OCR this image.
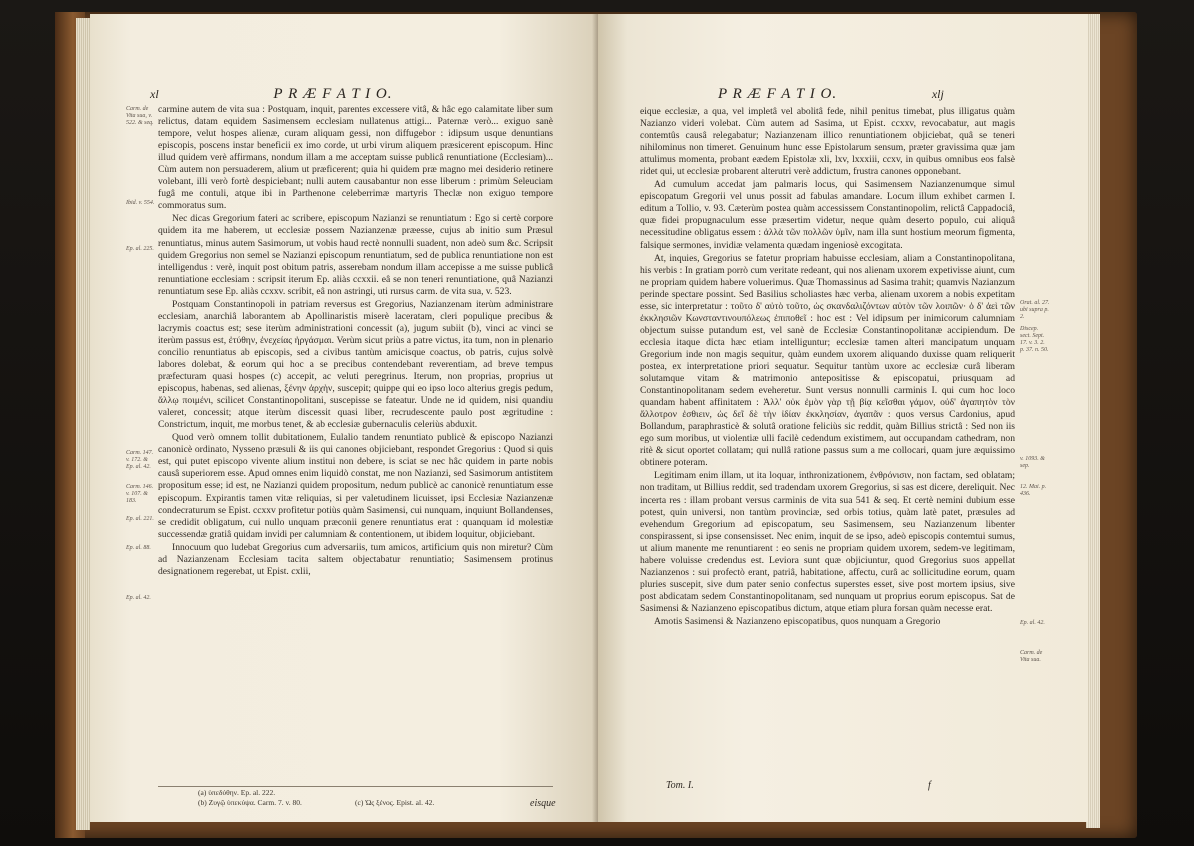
xl	P R Æ F A T I O.

carmine autem de vita sua : Postquam, inquit, parentes excessere vitâ, & hâc ego calamitate liber sum relictus, datam equidem Sasimensem ecclesiam nullatenus attigi... Paternæ verò... exiguo sanè tempore, velut hospes alienæ, curam aliquam gessi, non diffugebor : idipsum usque denuntians episcopis, poscens instar beneficii ex imo corde, ut urbi virum aliquem præsicerent episcopum. Hinc illud quidem verè affirmans, nondum illam a me acceptam suisse publicâ renuntiatione (Ecclesiam)... Cùm autem non persuaderem, alium ut præficerent; quia hi quidem præ magno mei desiderio retinere volebant, illi verò fortè despiciebant; nulli autem causabantur non esse liberum : primùm Seleuciam fugâ me contuli, atque ibi in Parthenone celeberrimæ martyris Theclæ non exiguo tempore commoratus sum.

Nec dicas Gregorium fateri ac scribere, episcopum Nazianzi se renuntiatum : Ego si certè corpore quidem ita me haberem, ut ecclesiæ possem Nazianzenæ præesse, cujus ab initio sum Præsul renuntiatus, minus autem Sasimorum, ut vobis haud rectè nonnulli suadent, non adeò sum &c. Scripsit quidem Gregorius non semel se Nazianzi episcopum renuntiatum, sed de publica renuntiatione non est intelligendus : verè, inquit post obitum patris, asserebam nondum illam accepisse a me suisse publicâ renuntiatione ecclesiam : scripsit iterum Ep. aliàs ccxxii. eâ se non teneri renuntiatione, quâ Nazianzi renuntiatum sese Ep. aliàs ccxxv. scribit, eâ non astringi, uti rursus carm. de vita sua, v. 523.

Postquam Constantinopoli in patriam reversus est Gregorius, Nazianzenam iterùm administrare ecclesiam, anarchiâ laborantem ab Apollinaristis miserè laceratam, cleri populique precibus & lacrymis coactus est; sese iterùm administrationi concessit (a), jugum subiit (b), vinci ac vinci se iterùm passus est, ἐτύθην, ἐνεχείας ἠργάσμαι. Verùm sicut priùs a patre victus, ita tum, non in plenario concilio renuntiatus ab episcopis, sed a civibus tantùm amicisque coactus, ob patris, cujus solvè labores dolebat, & eorum qui hoc a se precibus contendebant reverentiam, ad breve tempus præfecturam quasi hospes (c) accepit, ac veluti peregrinus. Iterum, non proprias, proprius ut episcopus, habenas, sed alienas, ξένην ἀρχὴν, suscepit; quippe qui eo ipso loco alterius gregis pedum, ἄλλῳ ποιμένι, scilicet Constantinopolitani, suscepisse se fateatur. Unde ne id quidem, nisi quandiu valeret, concessit; atque iterùm discessit quasi liber, recrudescente paulo post ægritudine : Constrictum, inquit, me morbus tenet, & ab ecclesiæ gubernaculis celeriùs abduxit.

Quod verò omnem tollit dubitationem, Eulalio tandem renuntiato publicè & episcopo Nazianzi canonicè ordinato, Nysseno præsuli & iis qui canones objiciebant, respondet Gregorius : Quod si quis est, qui putet episcopo vivente alium institui non debere, is sciat se nec hâc quidem in parte nobis causâ superiorem esse. Apud omnes enim liquidò constat, me non Nazianzi, sed Sasimorum antistitem propositum esse; id est, ne Nazianzi quidem propositum, nedum publicè ac canonicè renuntiatum esse episcopum. Expirantis tamen vitæ reliquias, si per valetudinem licuisset, ipsi Ecclesiæ Nazianzenæ condecraturum se Epist. ccxxv profitetur potiùs quàm Sasimensi, cui nunquam, inquiunt Bollandenses, se credidit obligatum, cui nullo unquam præconii genere renuntiatus erat : quanquam id molestiæ successendæ gratiâ quidam invidi per calumniam & contentionem, ut ibidem loquitur, objiciebant.

Innocuum quo ludebat Gregorius cum adversariis, tum amicos, artificium quis non miretur? Cùm ad Nazianzenam Ecclesiam tacita saltem objectabatur renuntiatio; Sasimensem protinus designationem regerebat, ut Epist. cxlii,

Carm. de Vita sua, v. 522. & seq.
Ibid. v. 554.
Ep. al. 225.
Carm. 147. v. 172. & Ep. al. 42.
Carm. 146. v. 107. & 183.
Ep. al. 221.
Ep. al. 88.
Ep. al. 42.
(a) ὑπεδύθην. Ep. al. 222.
(b) Ζυγῷ ὑπεκύψα. Carm. 7. v. 80.	(c) Ὡς ξένος. Epist. al. 42.	eisque
P R Æ F A T I O.	xlj

eique ecclesiæ, a qua, vel impletâ vel abolitâ fede, nihil penitus timebat, plus illigatus quàm Nazianzo videri volebat. Cùm autem ad Sasima, ut Epist. ccxxv, revocabatur, aut magis contemtûs causâ relegabatur; Nazianzenam illico renuntiationem objiciebat, quâ se teneri nihilominus non timeret. Genuinum hunc esse Epistolarum sensum, præter gravissima quæ jam attulimus momenta, probant eædem Epistolæ xli, lxv, lxxxiii, ccxv, in quibus omnibus eos falsè ridet qui, ut ecclesiæ probarent alterutri verè addictum, frustra canones opponebant.

Ad cumulum accedat jam palmaris locus, qui Sasimensem Nazianzenumque simul episcopatum Gregorii vel unus possit ad fabulas amandare. Locum illum exhibet carmen I. editum a Tollio, v. 93. Cæterùm postea quàm accessissem Constantinopolim, relictâ Cappadociâ, quæ fidei propugnaculum esse præsertim videtur, neque quàm deserto populo, cui aliquâ necessitudine obligatus essem : ἀλλὰ τῶν πολλῶν ὑμῖν, nam illa sunt hostium meorum figmenta, falsique sermones, invidiæ velamenta quædam ingeniosè excogitata.

At, inquies, Gregorius se fatetur propriam habuisse ecclesiam, aliam a Constantinopolitana, his verbis : In gratiam porrò cum veritate redeant, qui nos alienam uxorem expetivisse aiunt, cum ne propriam quidem habere voluerimus. Quæ Thomassinus ad Sasima trahit; quamvis Nazianzum perinde spectare possint. Sed Basilius scholiastes hæc verba, alienam uxorem a nobis expetitam esse, sic interpretatur : τοῦτο δ' αὐτὸ τοῦτο, ὡς σκανδαλιζόντων αὐτὸν τῶν λοιπῶν· ὁ δ' ἀεὶ τῶν ἐκκλησιῶν Κωνσταντινουπόλεως ἐπιποθεῖ : hoc est : Vel idipsum per inimicorum calumniam objectum suisse putandum est, vel sanè de Ecclesiæ Constantinopolitanæ accipiendum. De ecclesia itaque dicta hæc etiam intelliguntur; ecclesiæ tamen alteri mancipatum unquam Gregorium inde non magis sequitur, quàm eundem uxorem aliquando duxisse quam reliquerit postea, ex interpretatione priori sequatur. Sequitur tantùm uxore ac ecclesiæ curâ liberam solutamque vitam & matrimonio antepositisse & episcopatui, priusquam ad Constantinopolitanam sedem eveheretur. Sunt versus nonnulli carminis I. qui cum hoc loco quandam habent affinitatem : Ἀλλ' οὐκ ἐμὸν γὰρ τῇ βίᾳ κεῖσθαι γάμον, οὐδ' ἀγαπητὸν τὸν ἄλλοτρον ἐσθιειν, ὡς δεῖ δὲ τὴν ἰδίαν ἐκκλησίαν, ἀγαπᾶν : quos versus Cardonius, apud Bollandum, paraphrasticè & solutâ oratione feliciùs sic reddit, quàm Billius strictâ : Sed non iis ego sum moribus, ut violentiæ ulli facilè cedendum existimem, aut occupandam cathedram, non ritè & sicut oportet collatam; qui nullâ ratione passus sum a me collocari, quam jure æquissimo obtinere poteram.

Legitimam enim illam, ut ita loquar, inthronizationem, ἐνθρόνισιν, non factam, sed oblatam; non traditam, ut Billius reddit, sed tradendam uxorem Gregorius, si sas est dicere, dereliquit. Nec incerta res : illam probant versus carminis de vita sua 541 & seq. Et certè nemini dubium esse potest, quin universi, non tantùm provinciæ, sed orbis totius, quàm latè patet, præsules ad evehendum Gregorium ad episcopatum, seu Sasimensem, seu Nazianzenum libenter conspirassent, si ipse consensisset. Nec enim, inquit de se ipso, adeò episcopis contemtui sumus, ut alium manente me renuntiarent : eo senis ne propriam quidem uxorem, sedem-ve legitimam, habere voluisse credendus est. Leviora sunt quæ objiciuntur, quod Gregorius suos appellat Nazianzenos : sui profectò erant, patriâ, habitatione, affectu, curâ ac sollicitudine eorum, quam pluries suscepit, sive dum pater senio confectus superstes esset, sive post mortem ipsius, sive post abdicatam sedem Constantinopolitanam, sed nunquam ut proprius eorum episcopus. Sat de Sasimensi & Nazianzeno episcopatibus dictum, atque etiam plura forsan quàm necesse erat.

Amotis Sasimensi & Nazianzeno episcopatibus, quos nunquam a Gregorio

Orat. al. 27. ubi supra p. 2.
Discep. sect. Sept. 17. v. 3. 2. p. 37. n. 50.
v. 1093. & sep.
12. Mai. p. 436.
Ep. al. 42.
Carm. de Vita sua.
Tom. I.	f
